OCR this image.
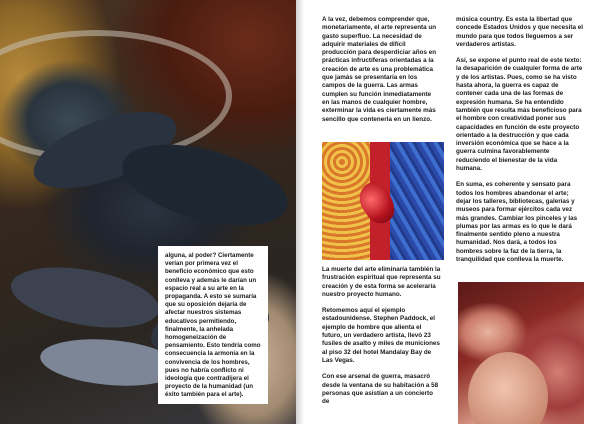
alguna, al poder? Ciertamente verían por primera vez el beneficio económico que esto conlleva y además le darían un espacio real a su arte en la propaganda. A esto se sumaría que su oposición dejaría de afectar nuestros sistemas educativos permitiendo, finalmente, la anhelada homogeneización de pensamiento. Esto tendría como consecuencia la armonía en la convivencia de los hombres, pues no habría conflicto ni ideología que contradijera el proyecto de la humanidad (un éxito también para el arte).

A la vez, debemos comprender que, monetariamente, el arte representa un gasto superfluo. La necesidad de adquirir materiales de difícil producción para desperdiciar años en prácticas infructíferas orientadas a la creación de arte es una problemática que jamás se presentaría en los campos de la guerra. Las armas cumplen su función inmediatamente en las manos de cualquier hombre, exterminar la vida es ciertamente más sencillo que contenerla en un lienzo.

La muerte del arte eliminaría también la frustración espiritual que representa su creación y de esta forma se aceleraría nuestro proyecto humano.

Retomemos aquí el ejemplo estadounidense. Stephen Paddock, el ejemplo de hombre que alienta el futuro, un verdadero artista, llevó 23 fusiles de asalto y miles de municiones al piso 32 del hotel Mandalay Bay de Las Vegas.

Con ese arsenal de guerra, masacró desde la ventana de su habitación a 58 personas que asistían a un concierto de

música country. Es esta la libertad que concede Estados Unidos y que necesita el mundo para que todos lleguemos a ser verdaderos artistas.

Así, se expone el punto real de este texto: la desaparición de cualquier forma de arte y de los artistas. Pues, como se ha visto hasta ahora, la guerra es capaz de contener cada una de las formas de expresión humana. Se ha entendido también que resulta más beneficioso para el hombre con creatividad poner sus capacidades en función de este proyecto orientado a la destrucción y que cada inversión económica que se hace a la guerra culmina favorablemente reduciendo el bienestar de la vida humana.

En suma, es coherente y sensato para todos los hombres abandonar el arte; dejar los talleres, bibliotecas, galerías y museos para formar ejércitos cada vez más grandes. Cambiar los pinceles y las plumas por las armas es lo que le dará finalmente sentido pleno a nuestra humanidad. Nos dará, a todos los hombres sobre la faz de la tierra, la tranquilidad que conlleva la muerte.
